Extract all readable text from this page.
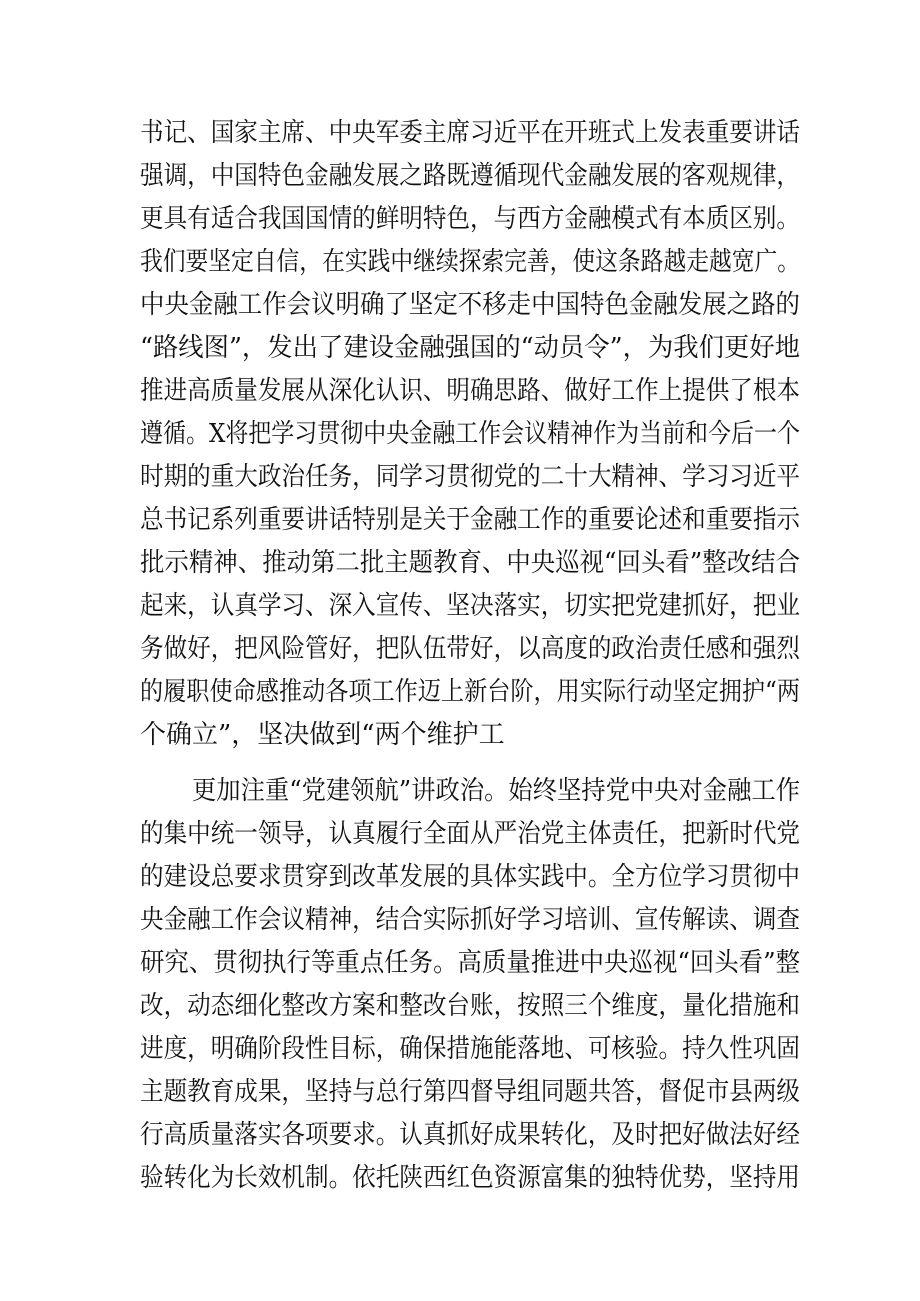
书记、国家主席、中央军委主席习近平在开班式上发表重要讲话
强调，中国特色金融发展之路既遵循现代金融发展的客观规律，
更具有适合我国国情的鲜明特色，与西方金融模式有本质区别。
我们要坚定自信，在实践中继续探索完善，使这条路越走越宽广。
中央金融工作会议明确了坚定不移走中国特色金融发展之路的
“路线图”，发出了建设金融强国的“动员令”，为我们更好地
推进高质量发展从深化认识、明确思路、做好工作上提供了根本
遵循。X将把学习贯彻中央金融工作会议精神作为当前和今后一个
时期的重大政治任务，同学习贯彻党的二十大精神、学习习近平
总书记系列重要讲话特别是关于金融工作的重要论述和重要指示
批示精神、推动第二批主题教育、中央巡视“回头看”整改结合
起来，认真学习、深入宣传、坚决落实，切实把党建抓好，把业
务做好，把风险管好，把队伍带好，以高度的政治责任感和强烈
的履职使命感推动各项工作迈上新台阶，用实际行动坚定拥护“两
个确立”，坚决做到“两个维护工
更加注重“党建领航”讲政治。始终坚持党中央对金融工作
的集中统一领导，认真履行全面从严治党主体责任，把新时代党
的建设总要求贯穿到改革发展的具体实践中。全方位学习贯彻中
央金融工作会议精神，结合实际抓好学习培训、宣传解读、调查
研究、贯彻执行等重点任务。高质量推进中央巡视“回头看”整
改，动态细化整改方案和整改台账，按照三个维度，量化措施和
进度，明确阶段性目标，确保措施能落地、可核验。持久性巩固
主题教育成果，坚持与总行第四督导组同题共答，督促市县两级
行高质量落实各项要求。认真抓好成果转化，及时把好做法好经
验转化为长效机制。依托陕西红色资源富集的独特优势，坚持用
